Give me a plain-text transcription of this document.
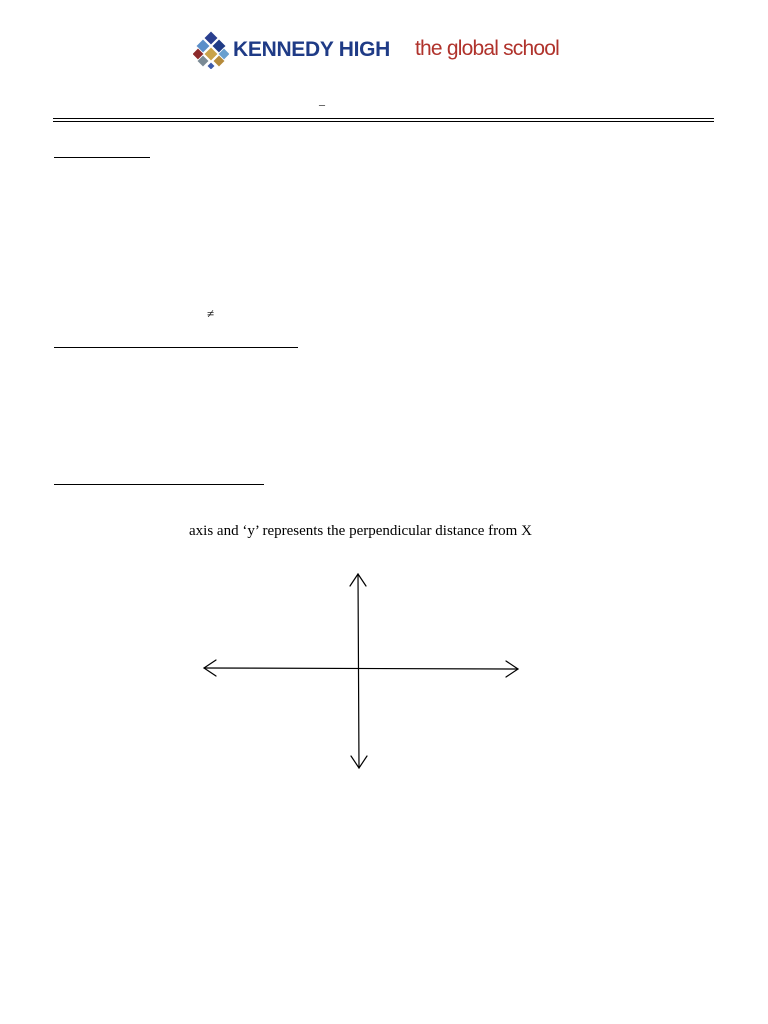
KENNEDY HIGH the global school
–
≠
axis and ‘y’ represents the perpendicular distance from X
